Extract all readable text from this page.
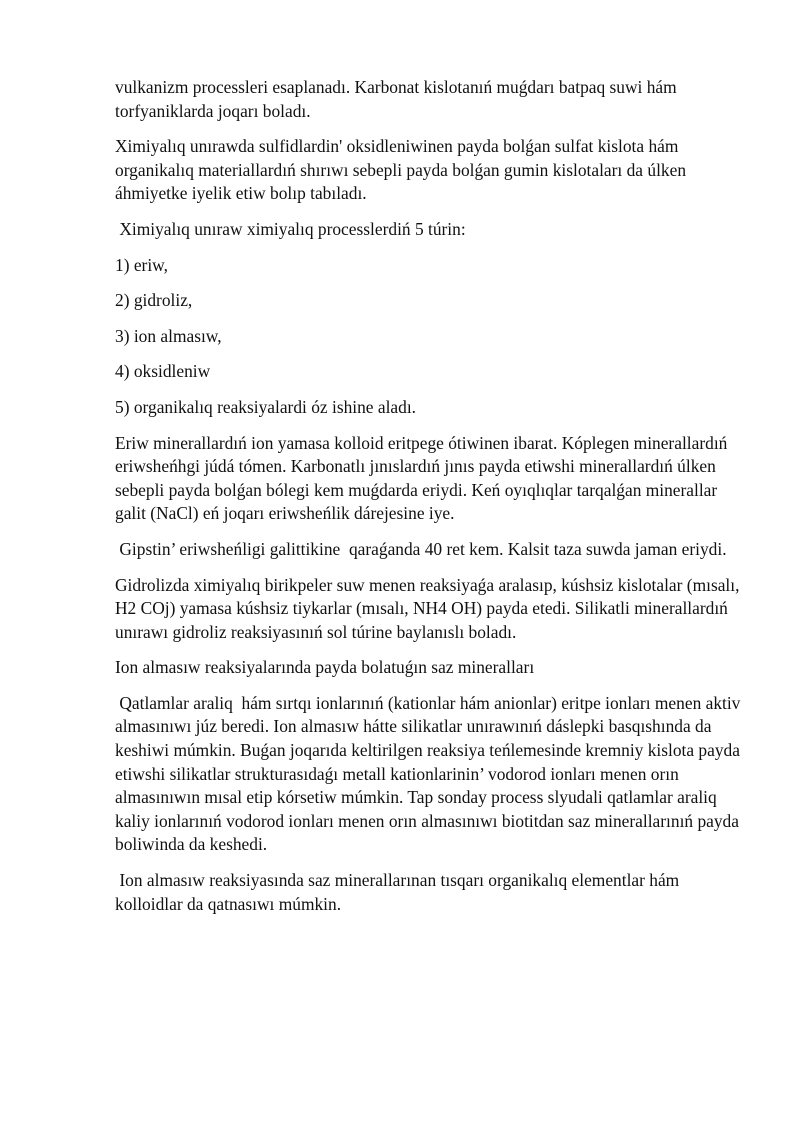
vulkanizm processleri esaplanadı. Karbonat kislotanıń muǵdarı batpaq suwi hám torfyaniklarda joqarı boladı.

Ximiyalıq unırawda sulfidlardin' oksidleniwinen payda bolǵan sulfat kislota hám organikalıq materiallardıń shırıwı sebepli payda bolǵan gumin kislotaları da úlken áhmiyetke iyelik etiw bolıp tabıladı.

Ximiyalıq unıraw ximiyalıq processlerdiń 5 túrin:

1) eriw,

2) gidroliz,

3) ion almasıw,

4) oksidleniw

5) organikalıq reaksiyalardi óz ishine aladı.

Eriw minerallardıń ion yamasa kolloid eritpege ótiwinen ibarat. Kóplegen minerallardıń eriwsheńhgi júdá tómen. Karbonatlı jınıslardıń jınıs payda etiwshi minerallardıń úlken sebepli payda bolǵan bólegi kem muǵdarda eriydi. Keń oyıqlıqlar tarqalǵan minerallar galit (NaCl) eń joqarı eriwsheńlik dárejesine iye.

Gipstin’ eriwsheńligi galittikine  qaraǵanda 40 ret kem. Kalsit taza suwda jaman eriydi.

Gidrolizda ximiyalıq birikpeler suw menen reaksiyaǵa aralasıp, kúshsiz kislotalar (mısalı, H2 COj) yamasa kúshsiz tiykarlar (mısalı, NH4 OH) payda etedi. Silikatli minerallardıń unırawı gidroliz reaksiyasınıń sol túrine baylanıslı boladı.

Ion almasıw reaksiyalarında payda bolatuǵın saz mineralları

Qatlamlar araliq  hám sırtqı ionlarınıń (kationlar hám anionlar) eritpe ionları menen aktiv almasınıwı júz beredi. Ion almasıw hátte silikatlar unırawınıń dáslepki basqıshında da keshiwi múmkin. Buǵan joqarıda keltirilgen reaksiya teńlemesinde kremniy kislota payda etiwshi silikatlar strukturasıdaǵı metall kationlarinin’ vodorod ionları menen orın almasınıwın mısal etip kórsetiw múmkin. Tap sonday process slyudali qatlamlar araliq kaliy ionlarınıń vodorod ionları menen orın almasınıwı biotitdan saz minerallarınıń payda boliwinda da keshedi.

Ion almasıw reaksiyasında saz minerallarınan tısqarı organikalıq elementlar hám kolloidlar da qatnasıwı múmkin.
